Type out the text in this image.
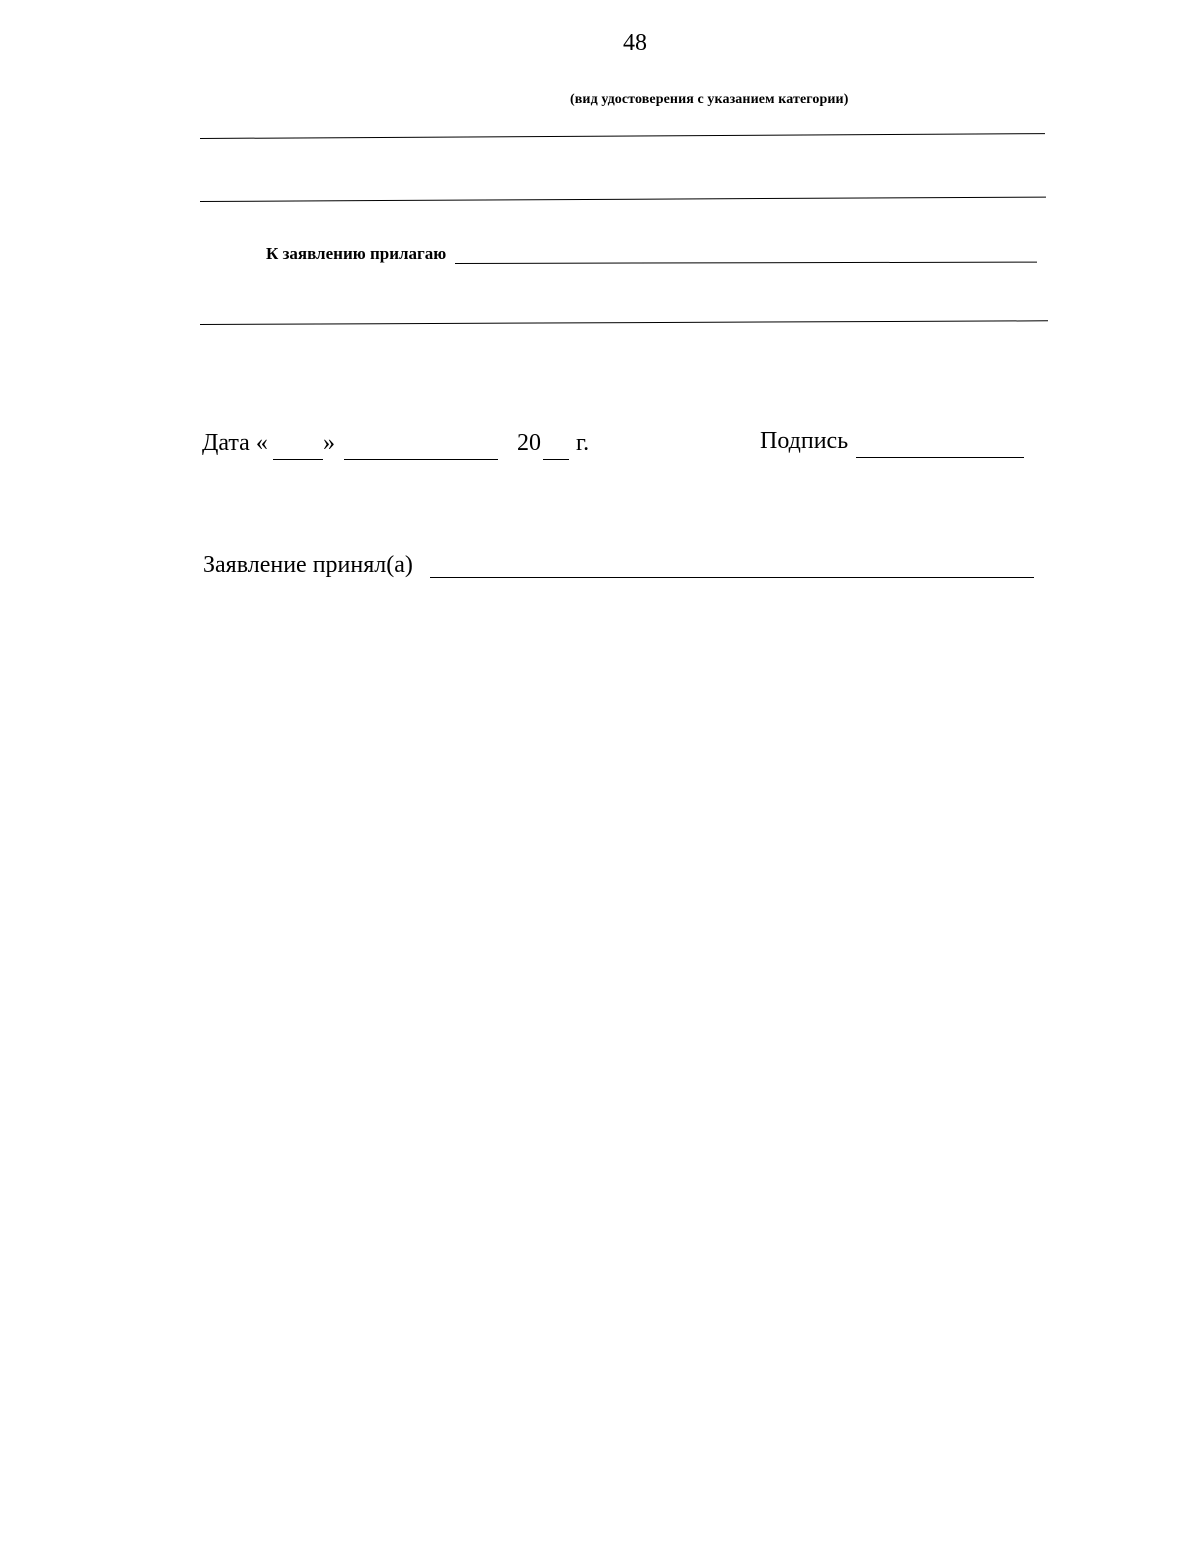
48
(вид удостоверения с указанием категории)
К заявлению прилагаю
Дата « »	20 г.	Подпись
Заявление принял(а)
